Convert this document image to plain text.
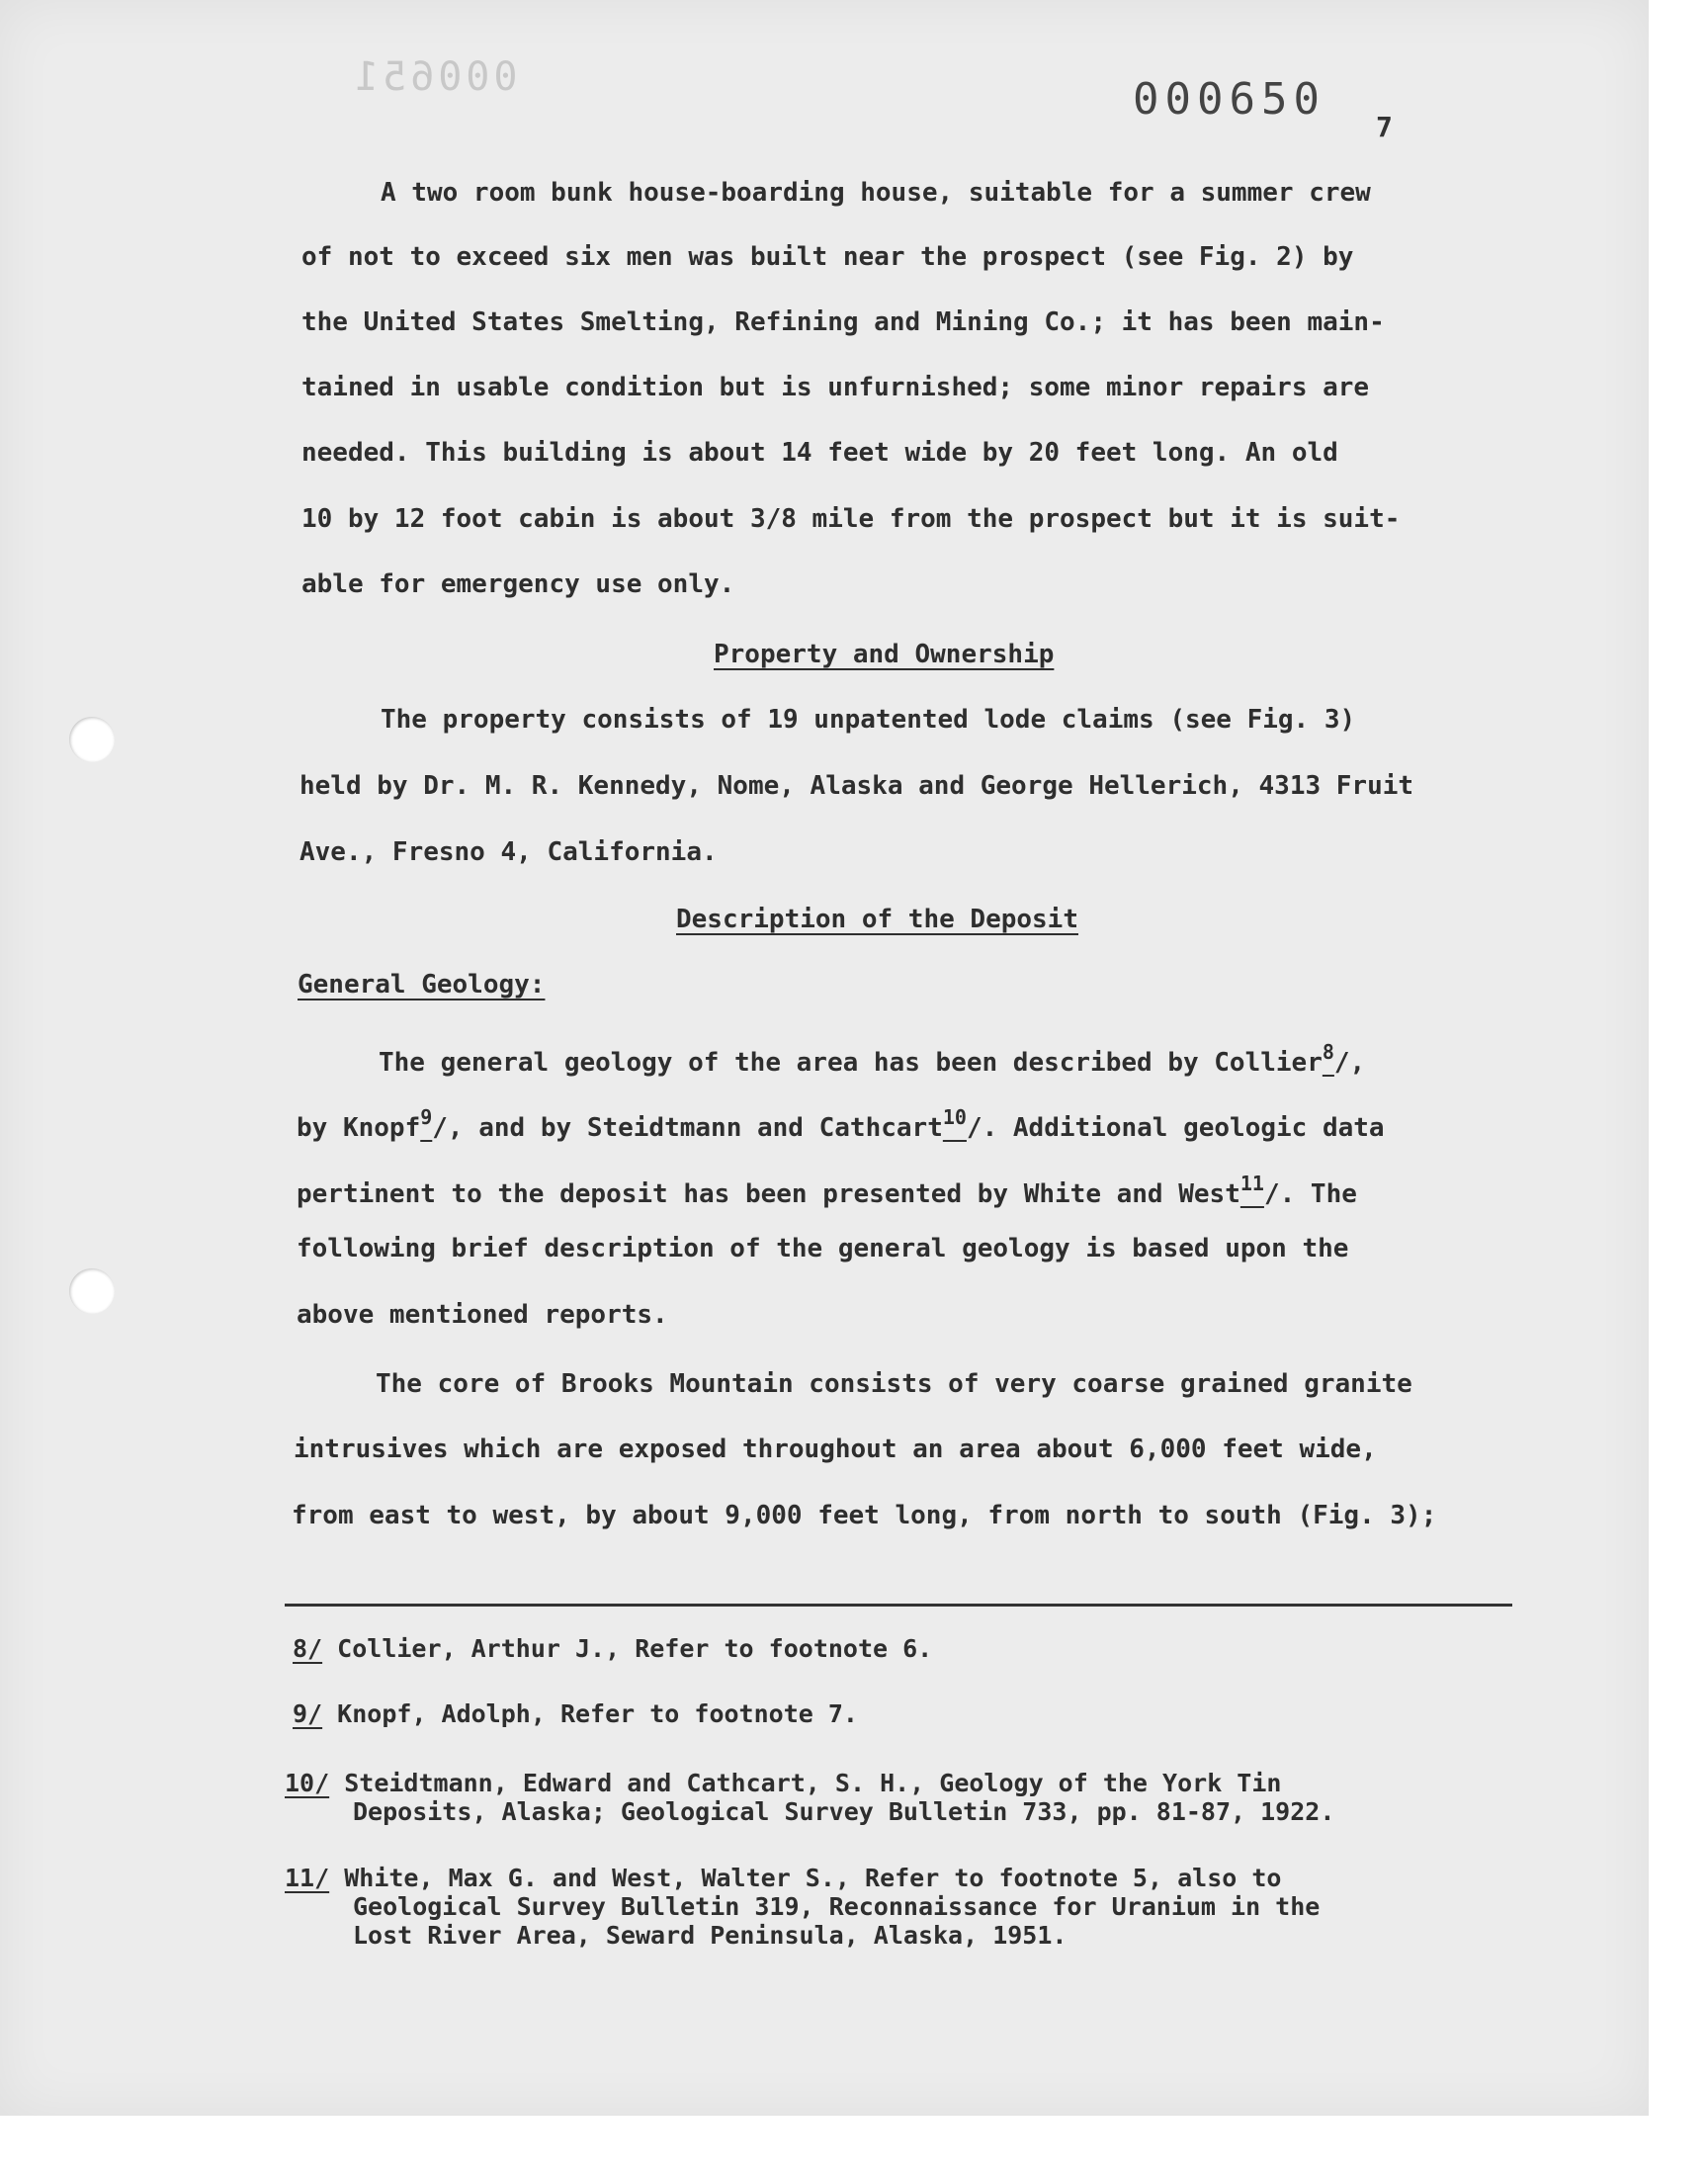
000651	000650
7
A two room bunk house-boarding house, suitable for a summer crew
of not to exceed six men was built near the prospect (see Fig. 2) by
the United States Smelting, Refining and Mining Co.; it has been main-
tained in usable condition but is unfurnished; some minor repairs are
needed. This building is about 14 feet wide by 20 feet long. An old
10 by 12 foot cabin is about 3/8 mile from the prospect but it is suit-
able for emergency use only.
Property and Ownership
The property consists of 19 unpatented lode claims (see Fig. 3)
held by Dr. M. R. Kennedy, Nome, Alaska and George Hellerich, 4313 Fruit
Ave., Fresno 4, California.
Description of the Deposit
General Geology:
The general geology of the area has been described by Collier$^8$/,
by Knopf$^9$/, and by Steidtmann and Cathcart$^{10}$/. Additional geologic data
pertinent to the deposit has been presented by White and West$^{11}$/. The
following brief description of the general geology is based upon the
above mentioned reports.
The core of Brooks Mountain consists of very coarse grained granite
intrusives which are exposed throughout an area about 6,000 feet wide,
from east to west, by about 9,000 feet long, from north to south (Fig. 3);
8/ Collier, Arthur J., Refer to footnote 6.
9/ Knopf, Adolph, Refer to footnote 7.
10/ Steidtmann, Edward and Cathcart, S. H., Geology of the York Tin
Deposits, Alaska; Geological Survey Bulletin 733, pp. 81-87, 1922.
11/ White, Max G. and West, Walter S., Refer to footnote 5, also to
Geological Survey Bulletin 319, Reconnaissance for Uranium in the
Lost River Area, Seward Peninsula, Alaska, 1951.
